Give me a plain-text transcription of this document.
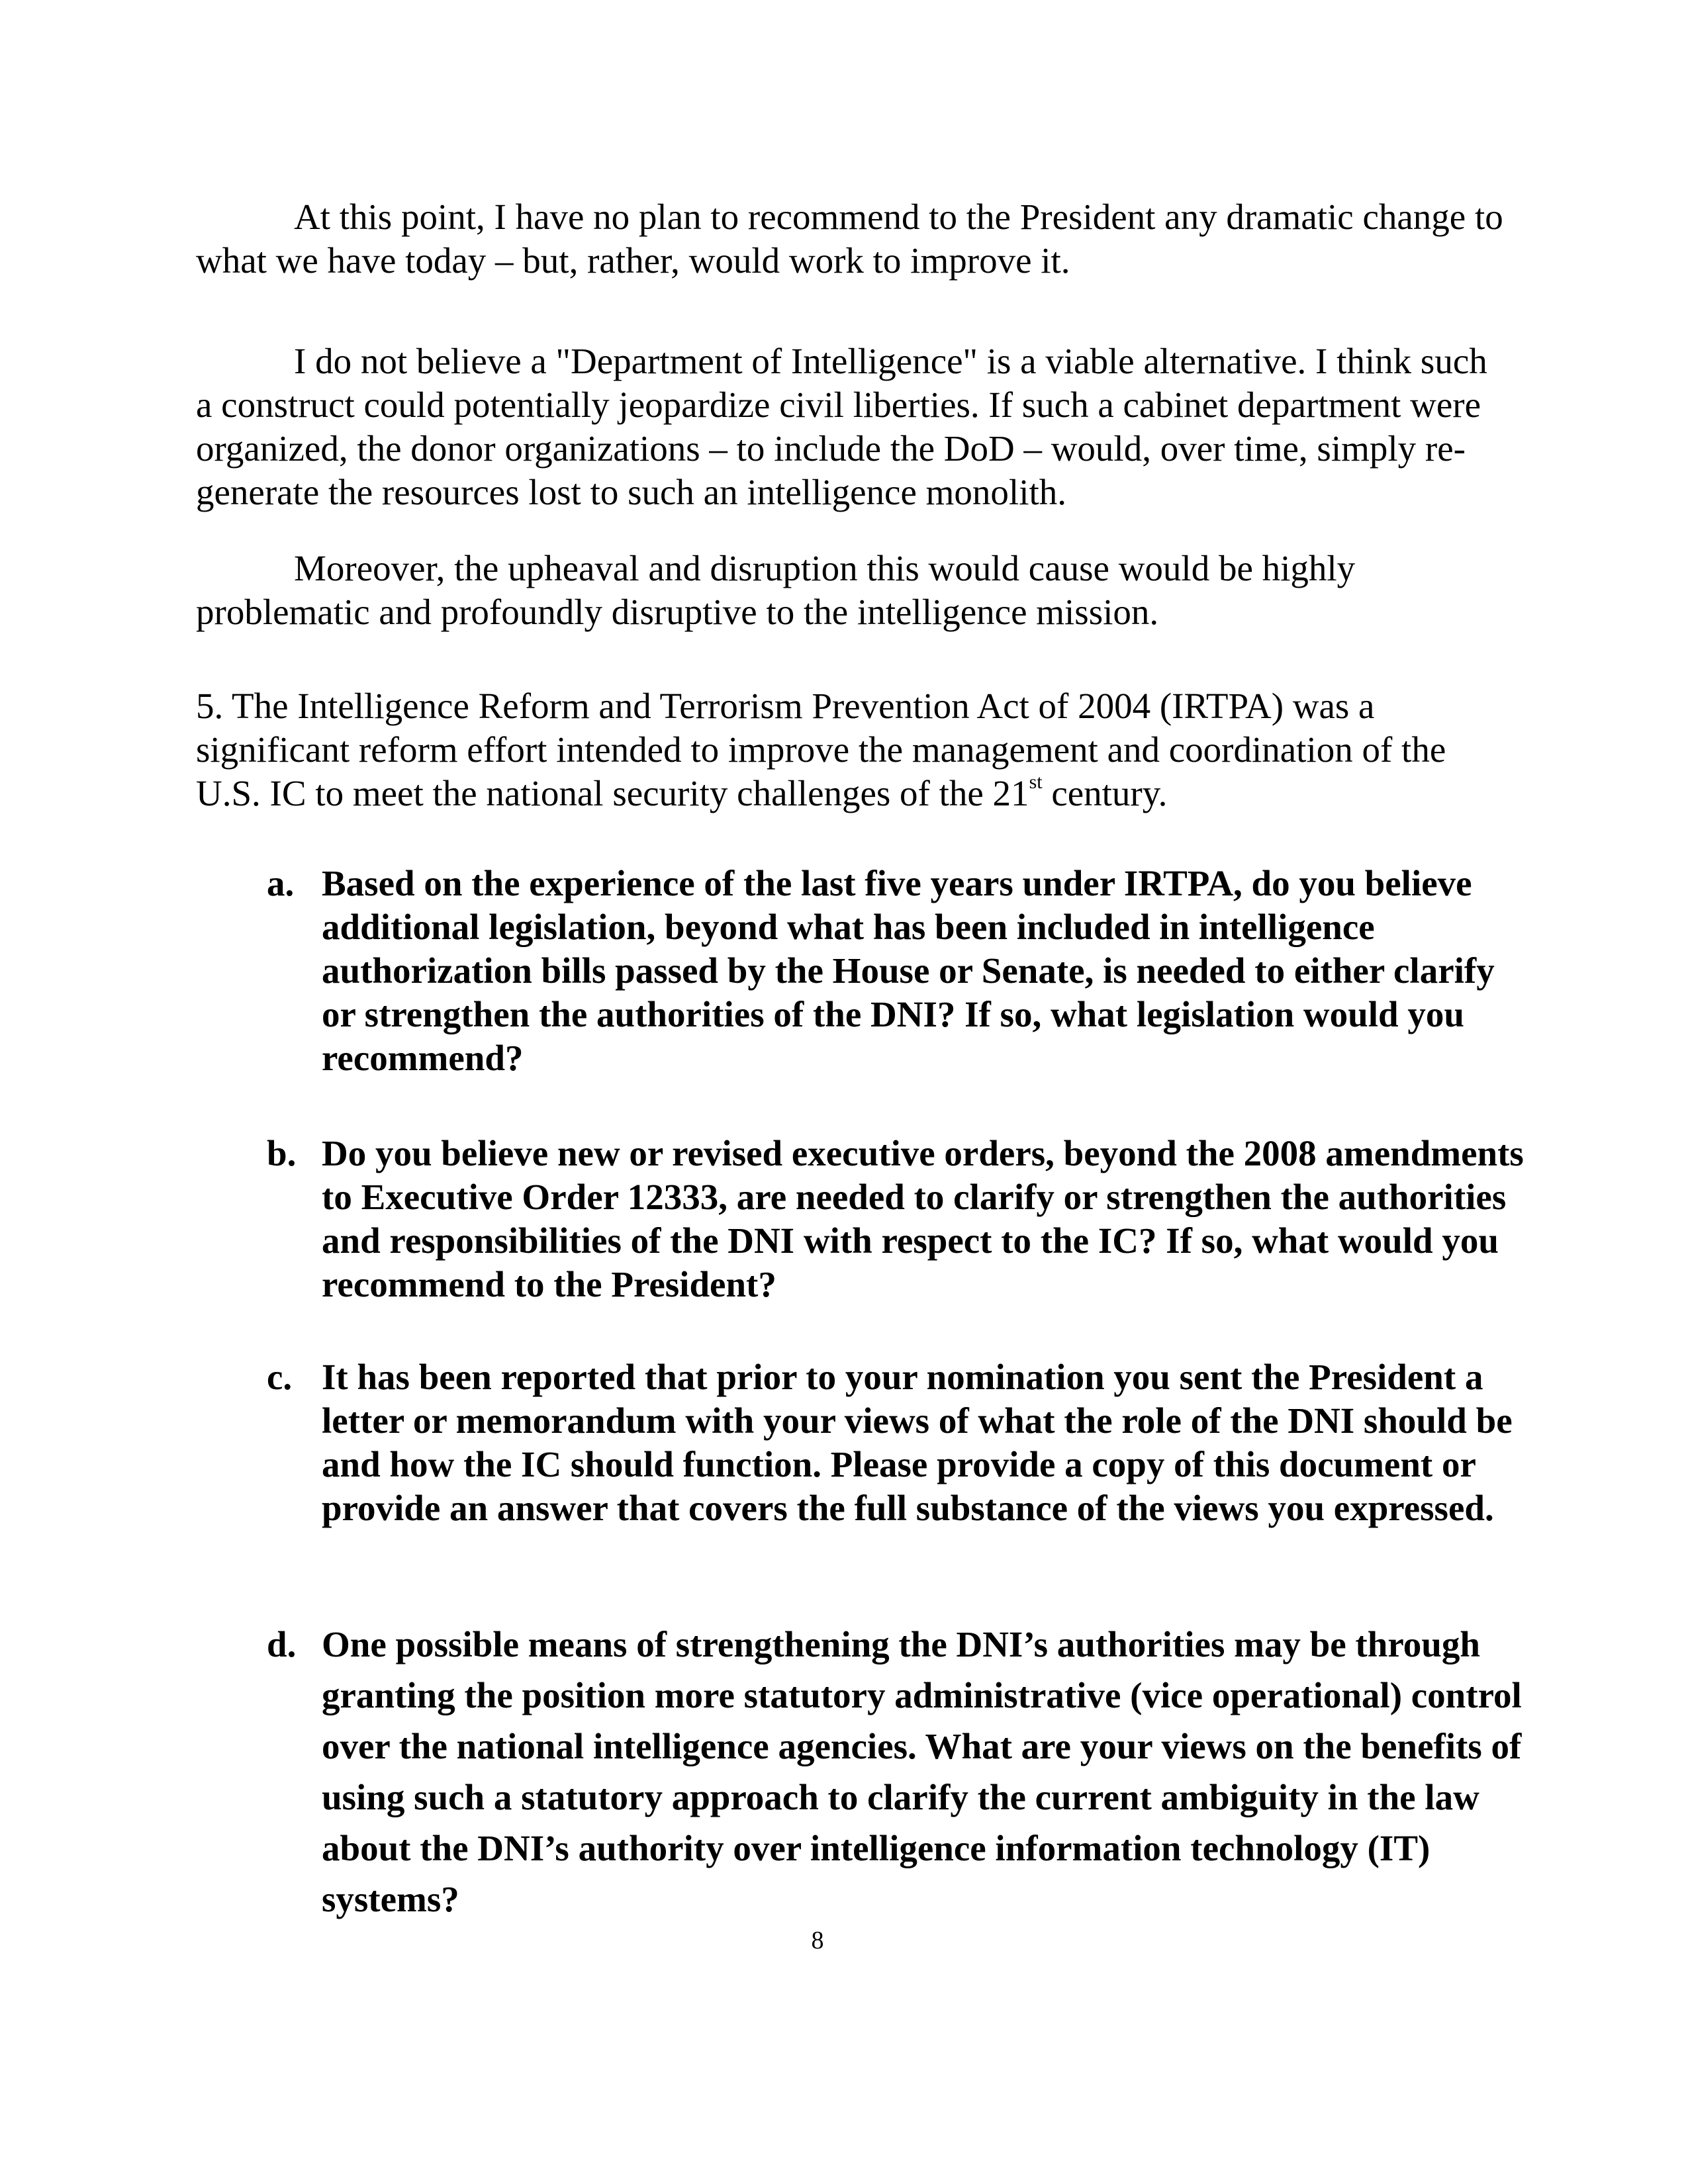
At this point, I have no plan to recommend to the President any dramatic change to what we have today – but, rather, would work to improve it.

I do not believe a "Department of Intelligence" is a viable alternative. I think such a construct could potentially jeopardize civil liberties. If such a cabinet department were organized, the donor organizations – to include the DoD – would, over time, simply re-generate the resources lost to such an intelligence monolith.

Moreover, the upheaval and disruption this would cause would be highly problematic and profoundly disruptive to the intelligence mission.

5. The Intelligence Reform and Terrorism Prevention Act of 2004 (IRTPA) was a significant reform effort intended to improve the management and coordination of the U.S. IC to meet the national security challenges of the 21st century.

a. Based on the experience of the last five years under IRTPA, do you believe additional legislation, beyond what has been included in intelligence authorization bills passed by the House or Senate, is needed to either clarify or strengthen the authorities of the DNI? If so, what legislation would you recommend?
b. Do you believe new or revised executive orders, beyond the 2008 amendments to Executive Order 12333, are needed to clarify or strengthen the authorities and responsibilities of the DNI with respect to the IC? If so, what would you recommend to the President?
c. It has been reported that prior to your nomination you sent the President a letter or memorandum with your views of what the role of the DNI should be and how the IC should function. Please provide a copy of this document or provide an answer that covers the full substance of the views you expressed.
d. One possible means of strengthening the DNI’s authorities may be through granting the position more statutory administrative (vice operational) control over the national intelligence agencies. What are your views on the benefits of using such a statutory approach to clarify the current ambiguity in the law about the DNI’s authority over intelligence information technology (IT) systems?
8
